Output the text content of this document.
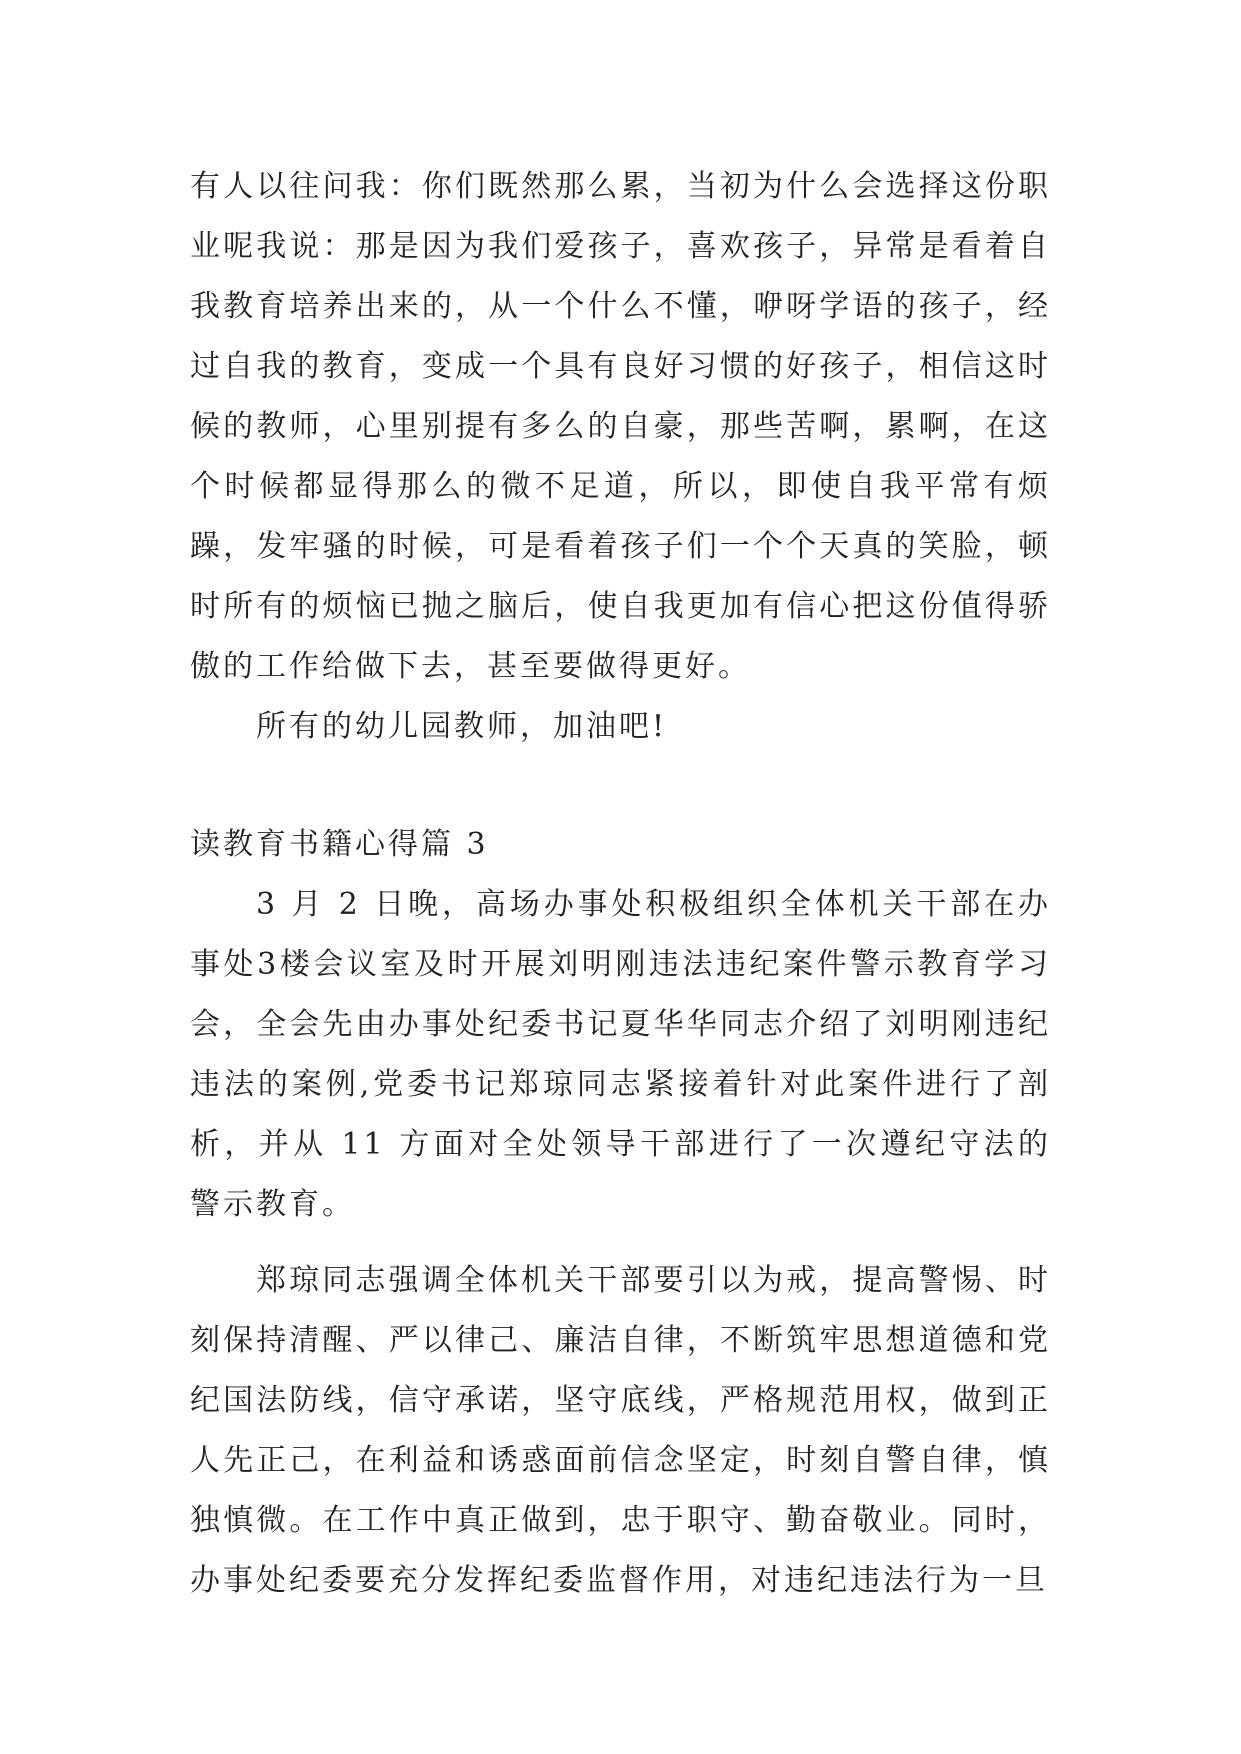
有人以往问我：你们既然那么累，当初为什么会选择这份职业呢我说：那是因为我们爱孩子，喜欢孩子，异常是看着自我教育培养出来的，从一个什么不懂，咿呀学语的孩子，经过自我的教育，变成一个具有良好习惯的好孩子，相信这时候的教师，心里别提有多么的自豪，那些苦啊，累啊，在这个时候都显得那么的微不足道，所以，即使自我平常有烦躁，发牢骚的时候，可是看着孩子们一个个天真的笑脸，顿时所有的烦恼已抛之脑后，使自我更加有信心把这份值得骄傲的工作给做下去，甚至要做得更好。

所有的幼儿园教师，加油吧!

读教育书籍心得篇 3

3 月 2 日晚，高场办事处积极组织全体机关干部在办事处3楼会议室及时开展刘明刚违法违纪案件警示教育学习会，全会先由办事处纪委书记夏华华同志介绍了刘明刚违纪违法的案例,党委书记郑琼同志紧接着针对此案件进行了剖析，并从 11 方面对全处领导干部进行了一次遵纪守法的警示教育。

郑琼同志强调全体机关干部要引以为戒，提高警惕、时刻保持清醒、严以律己、廉洁自律，不断筑牢思想道德和党纪国法防线，信守承诺，坚守底线，严格规范用权，做到正人先正己，在利益和诱惑面前信念坚定，时刻自警自律，慎独慎微。在工作中真正做到，忠于职守、勤奋敬业。同时，办事处纪委要充分发挥纪委监督作用，对违纪违法行为一旦
